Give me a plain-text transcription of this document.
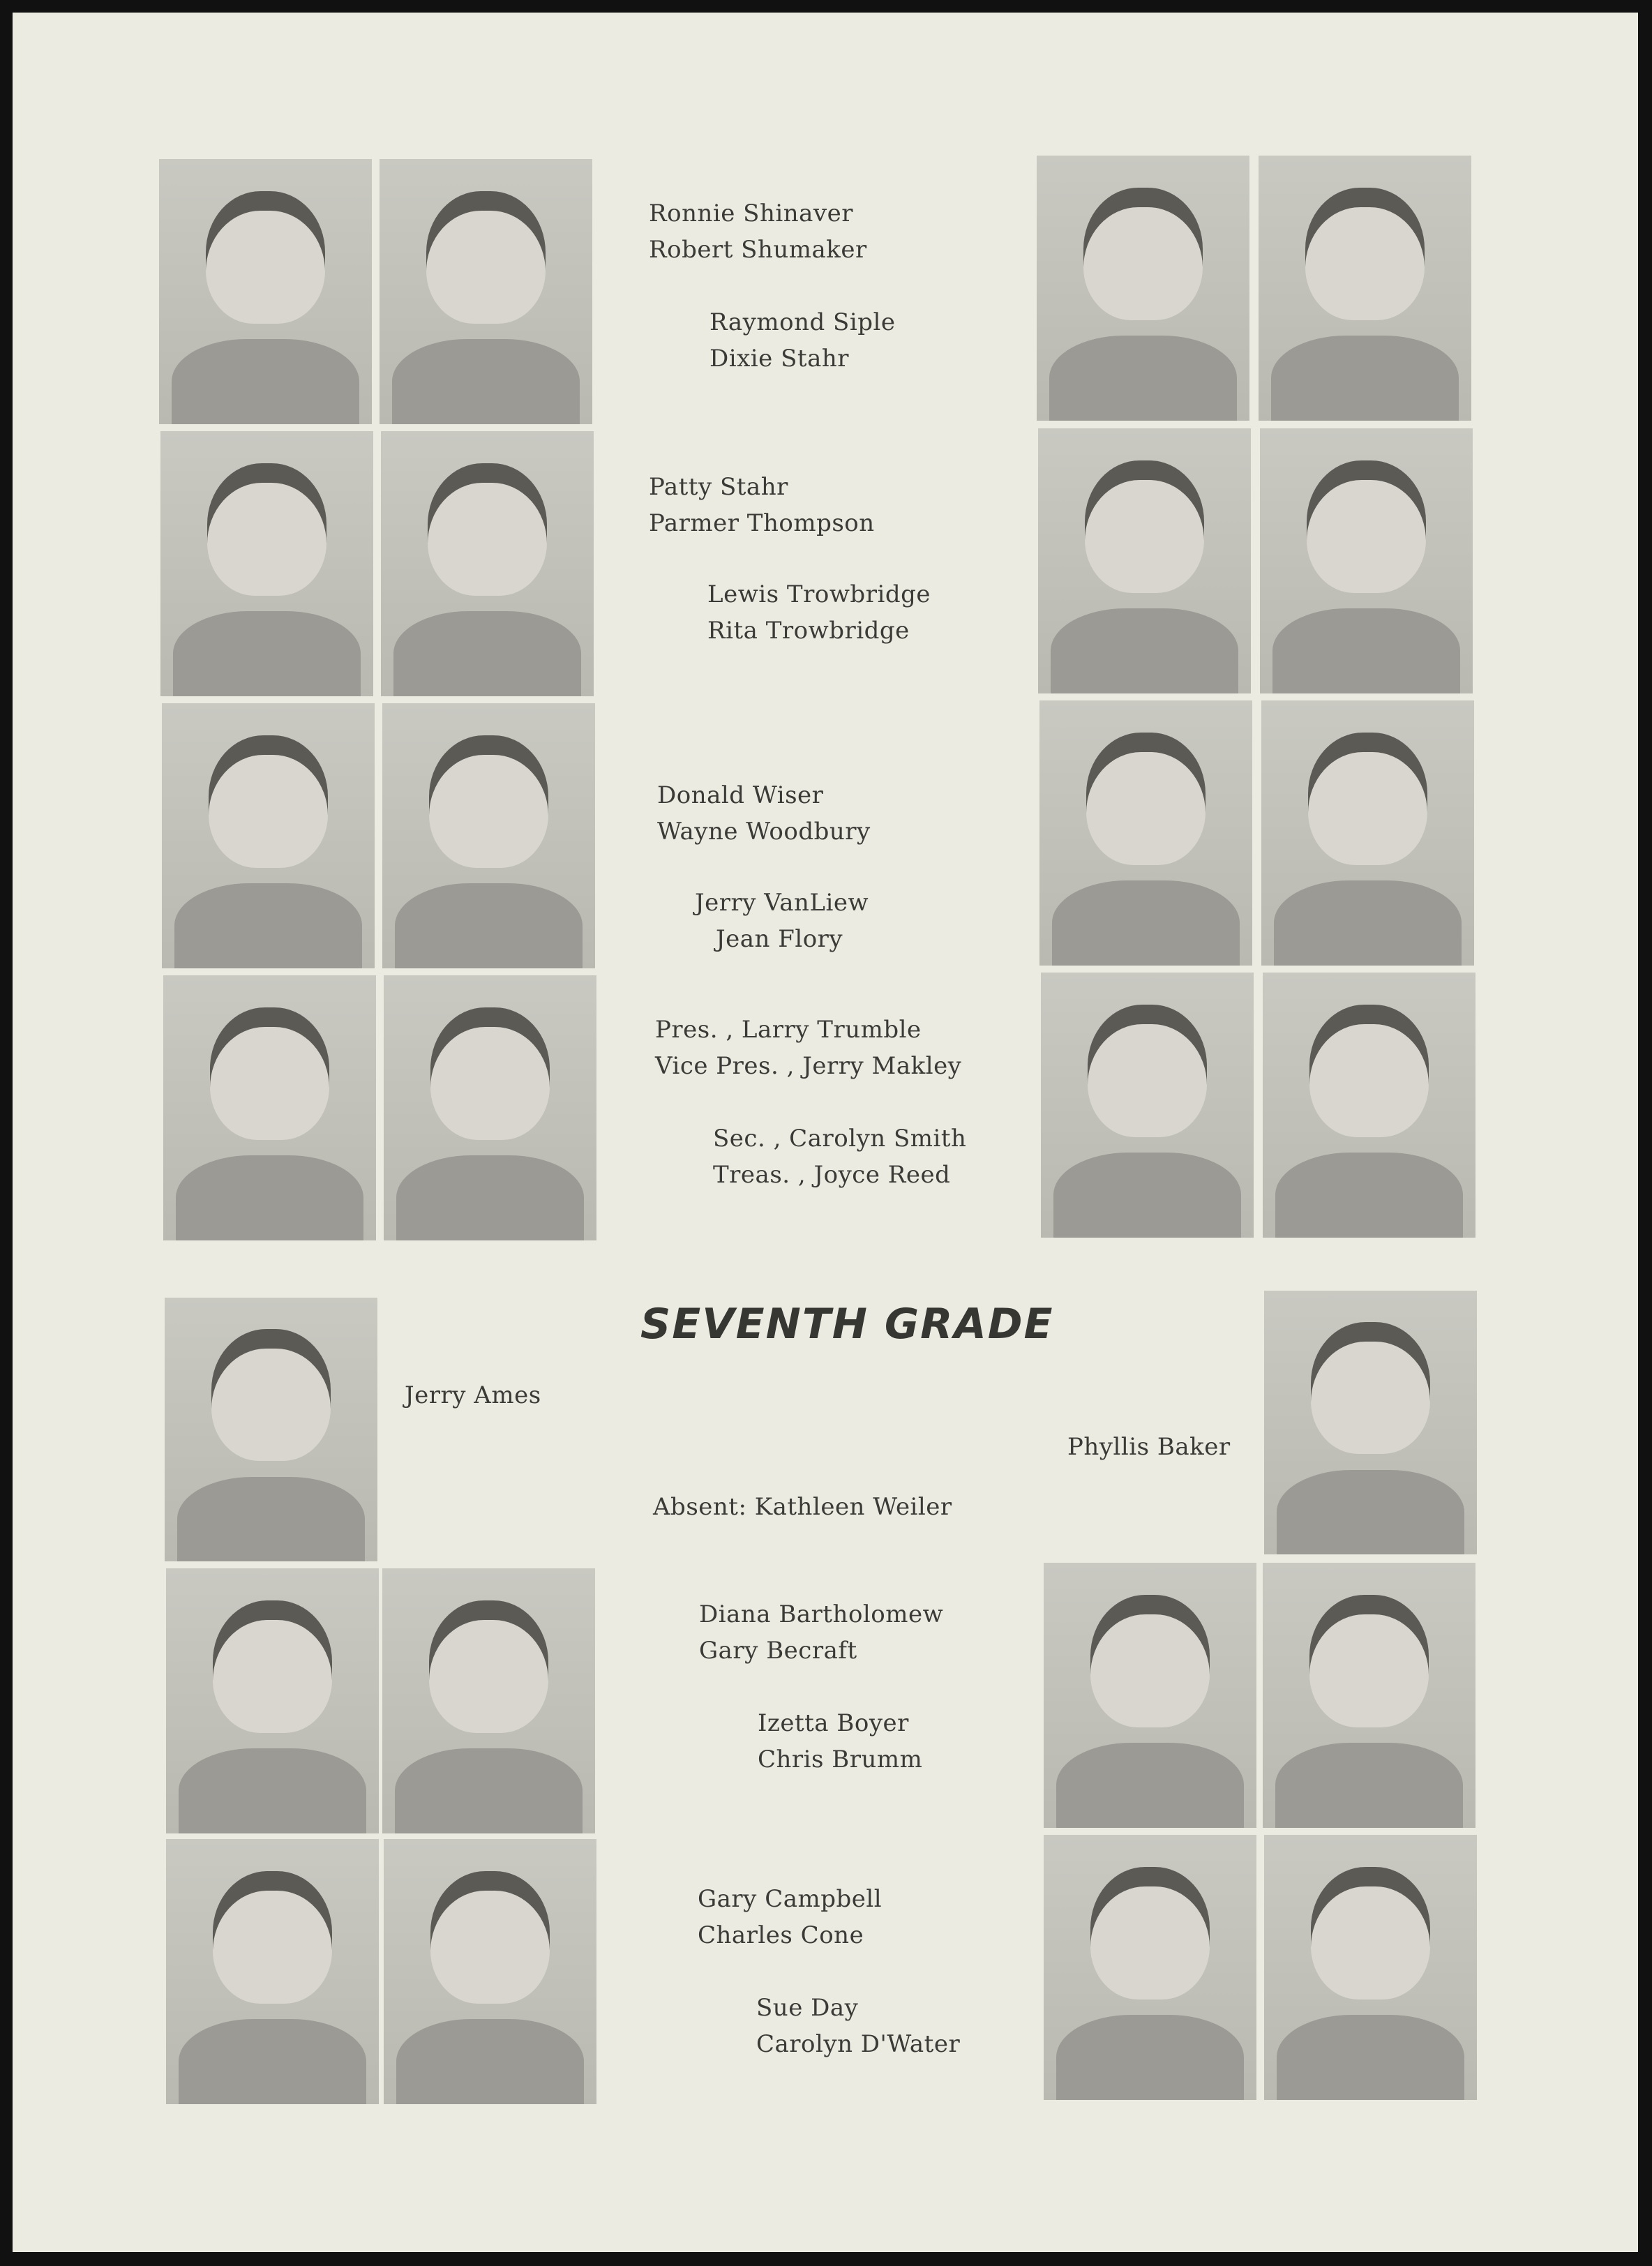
Ronnie Shinaver
Robert Shumaker
Raymond Siple
Dixie Stahr
Patty Stahr
Parmer Thompson
Lewis Trowbridge
Rita Trowbridge
Donald Wiser
Wayne Woodbury
Jerry VanLiew
Jean Flory
Pres. , Larry Trumble
Vice Pres. , Jerry Makley
Sec. , Carolyn Smith
Treas. , Joyce Reed
SEVENTH GRADE
Jerry Ames
Phyllis Baker
Absent: Kathleen Weiler
Diana Bartholomew
Gary Becraft
Izetta Boyer
Chris Brumm
Gary Campbell
Charles Cone
Sue Day
Carolyn D'Water
